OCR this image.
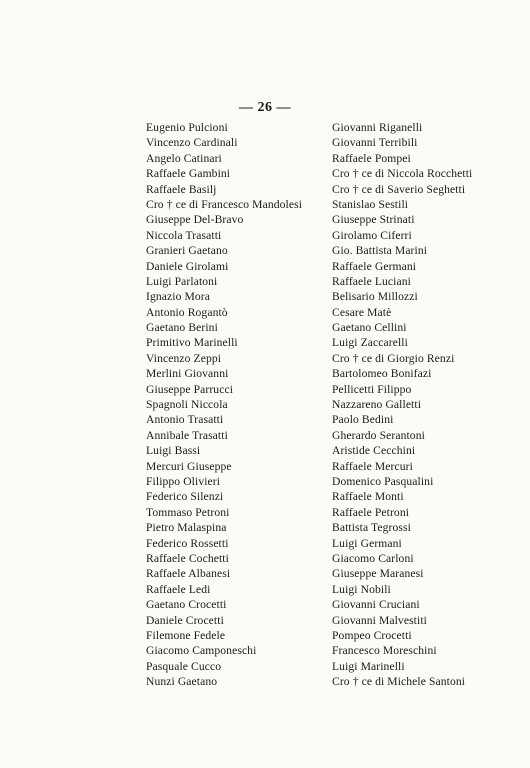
— 26 —
Eugenio Pulcioni
Vincenzo Cardinali
Angelo Catinari
Raffaele Gambini
Raffaele Basilj
Cro † ce di Francesco Mandolesi
Giuseppe Del-Bravo
Niccola Trasatti
Granieri Gaetano
Daniele Girolami
Luigi Parlatoni
Ignazio Mora
Antonio Rogantò
Gaetano Berini
Primitivo Marinelli
Vincenzo Zeppi
Merlini Giovanni
Giuseppe Parrucci
Spagnoli Niccola
Antonio Trasatti
Annibale Trasatti
Luigi Bassi
Mercuri Giuseppe
Filippo Olivieri
Federico Silenzi
Tommaso Petroni
Pietro Malaspina
Federico Rossetti
Raffaele Cochetti
Raffaele Albanesi
Raffaele Ledi
Gaetano Crocetti
Daniele Crocetti
Filemone Fedele
Giacomo Camponeschi
Pasquale Cucco
Nunzi Gaetano
Giovanni Riganelli
Giovanni Terribili
Raffaele Pompei
Cro † ce di Niccola Rocchetti
Cro † ce di Saverio Seghetti
Stanislao Sestili
Giuseppe Strinati
Girolamo Ciferri
Gio. Battista Marini
Raffaele Germani
Raffaele Luciani
Belisario Millozzi
Cesare Matè
Gaetano Cellini
Luigi Zaccarelli
Cro † ce di Giorgio Renzi
Bartolomeo Bonifazi
Pellicetti Filippo
Nazzareno Galletti
Paolo Bedini
Gherardo Serantoni
Aristide Cecchini
Raffaele Mercuri
Domenico Pasqualini
Raffaele Monti
Raffaele Petroni
Battista Tegrossi
Luigi Germani
Giacomo Carloni
Giuseppe Maranesi
Luigi Nobili
Giovanni Cruciani
Giovanni Malvestiti
Pompeo Crocetti
Francesco Moreschini
Luigi Marinelli
Cro † ce di Michele Santoni
